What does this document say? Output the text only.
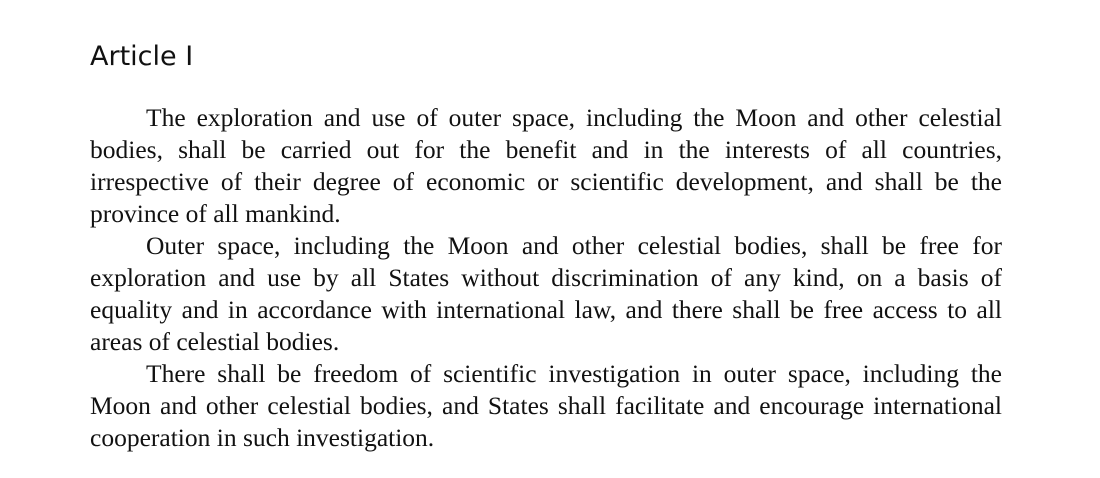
Article I

The exploration and use of outer space, including the Moon and other celestial bodies, shall be carried out for the benefit and in the interests of all countries, irrespective of their degree of economic or scientific development, and shall be the province of all mankind.

Outer space, including the Moon and other celestial bodies, shall be free for exploration and use by all States without discrimination of any kind, on a basis of equality and in accordance with international law, and there shall be free access to all areas of celestial bodies.

There shall be freedom of scientific investigation in outer space, including the Moon and other celestial bodies, and States shall facilitate and encourage international cooperation in such investigation.
